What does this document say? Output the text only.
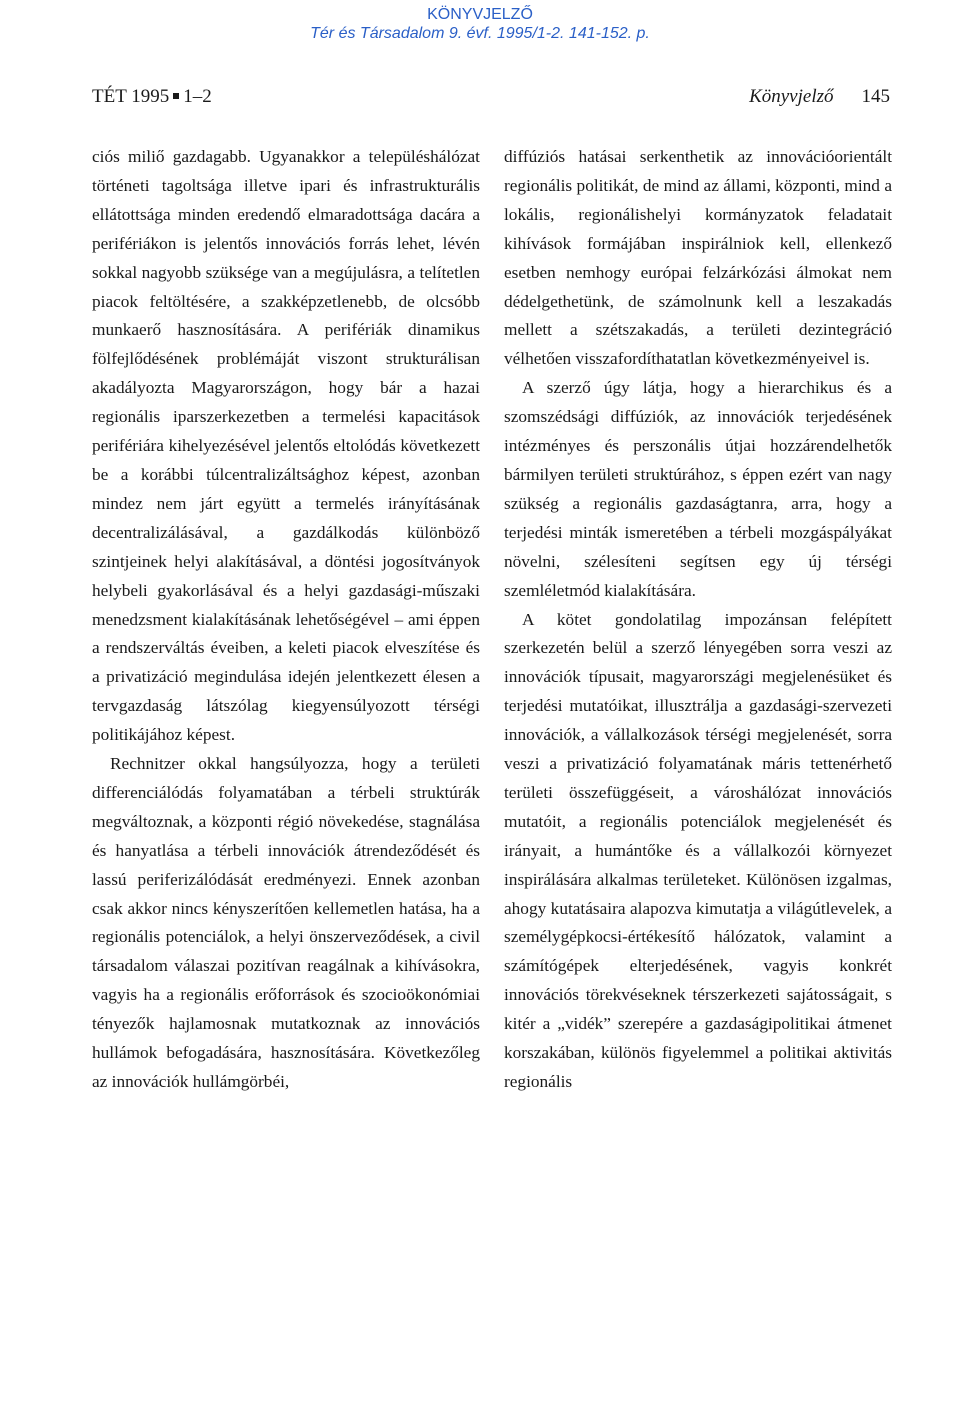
KÖNYVJELZŐ
Tér és Társadalom 9. évf. 1995/1-2. 141-152. p.
TÉT 1995 1–2	Könyvjelző 145

ciós miliő gazdagabb. Ugyanakkor a településhálózat történeti tagoltsága illetve ipari és infrastrukturális ellátottsága minden eredendő elmaradottsága dacára a perifériákon is jelentős innovációs forrás lehet, lévén sokkal nagyobb szüksége van a megújulásra, a telítetlen piacok feltöltésére, a szakképzetlenebb, de olcsóbb munkaerő hasznosítására. A perifériák dinamikus fölfejlődésének problémáját viszont strukturálisan akadályozta Magyarországon, hogy bár a hazai regionális iparszerkezetben a termelési kapacitások perifériára kihelyezésével jelentős eltolódás következett be a korábbi túlcentralizáltsághoz képest, azonban mindez nem járt együtt a termelés irányításának decentralizálásával, a gazdálkodás különböző szintjeinek helyi alakításával, a döntési jogosítványok helybeli gyakorlásával és a helyi gazdasági-műszaki menedzsment kialakításának lehetőségével – ami éppen a rendszerváltás éveiben, a keleti piacok elveszítése és a privatizáció megindulása idején jelentkezett élesen a tervgazdaság látszólag kiegyensúlyozott térségi politikájához képest.

Rechnitzer okkal hangsúlyozza, hogy a területi differenciálódás folyamatában a térbeli struktúrák megváltoznak, a központi régió növekedése, stagnálása és hanyatlása a térbeli innovációk átrendeződését és lassú periferizálódását eredményezi. Ennek azonban csak akkor nincs kényszerítően kellemetlen hatása, ha a regionális potenciálok, a helyi önszerveződések, a civil társadalom válaszai pozitívan reagálnak a kihívásokra, vagyis ha a regionális erőforrások és szocioökonómiai tényezők hajlamosnak mutatkoznak az innovációs hullámok befogadására, hasznosítására. Következőleg az innovációk hullámgörbéi,

diffúziós hatásai serkenthetik az innovációorientált regionális politikát, de mind az állami, központi, mind a lokális, regionálishelyi kormányzatok feladatait kihívások formájában inspirálniok kell, ellenkező esetben nemhogy európai felzárkózási álmokat nem dédelgethetünk, de számolnunk kell a leszakadás mellett a szétszakadás, a területi dezintegráció vélhetően visszafordíthatatlan következményeivel is.

A szerző úgy látja, hogy a hierarchikus és a szomszédsági diffúziók, az innovációk terjedésének intézményes és perszonális útjai hozzárendelhetők bármilyen területi struktúrához, s éppen ezért van nagy szükség a regionális gazdaságtanra, arra, hogy a terjedési minták ismeretében a térbeli mozgáspályákat növelni, szélesíteni segítsen egy új térségi szemléletmód kialakítására.

A kötet gondolatilag impozánsan felépített szerkezetén belül a szerző lényegében sorra veszi az innovációk típusait, magyarországi megjelenésüket és terjedési mutatóikat, illusztrálja a gazdasági-szervezeti innovációk, a vállalkozások térségi megjelenését, sorra veszi a privatizáció folyamatának máris tettenérhető területi összefüggéseit, a városhálózat innovációs mutatóit, a regionális potenciálok megjelenését és irányait, a humántőke és a vállalkozói környezet inspirálására alkalmas területeket. Különösen izgalmas, ahogy kutatásaira alapozva kimutatja a világútlevelek, a személygépkocsi-értékesítő hálózatok, valamint a számítógépek elterjedésének, vagyis konkrét innovációs törekvéseknek térszerkezeti sajátosságait, s kitér a „vidék” szerepére a gazdaságipolitikai átmenet korszakában, különös figyelemmel a politikai aktivitás regionális
